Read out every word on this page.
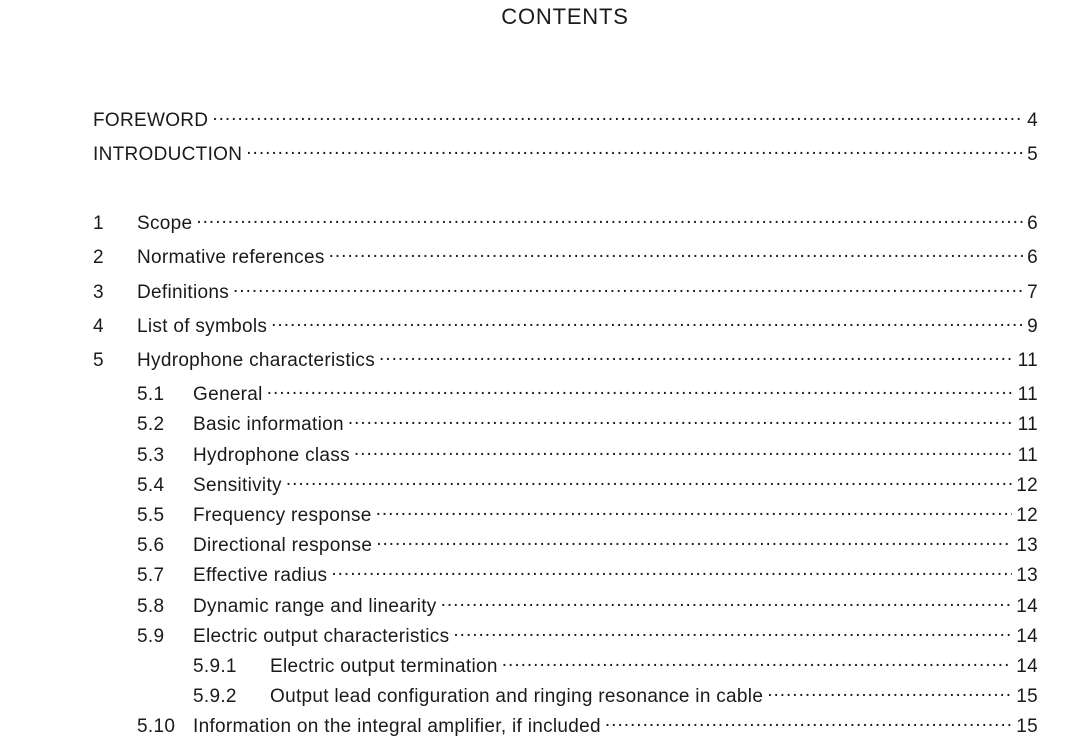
CONTENTS
FOREWORD .....	4
INTRODUCTION .....	5
1	Scope .....	6
2	Normative references .....	6
3	Definitions .....	7
4	List of symbols .....	9
5	Hydrophone characteristics .....	11
5.1	General .....	11
5.2	Basic information .....	11
5.3	Hydrophone class .....	11
5.4	Sensitivity .....	12
5.5	Frequency response .....	12
5.6	Directional response .....	13
5.7	Effective radius .....	13
5.8	Dynamic range and linearity .....	14
5.9	Electric output characteristics .....	14
5.9.1	Electric output termination .....	14
5.9.2	Output lead configuration and ringing resonance in cable .....	15
5.10 Information on the integral amplifier, if included .....	15
